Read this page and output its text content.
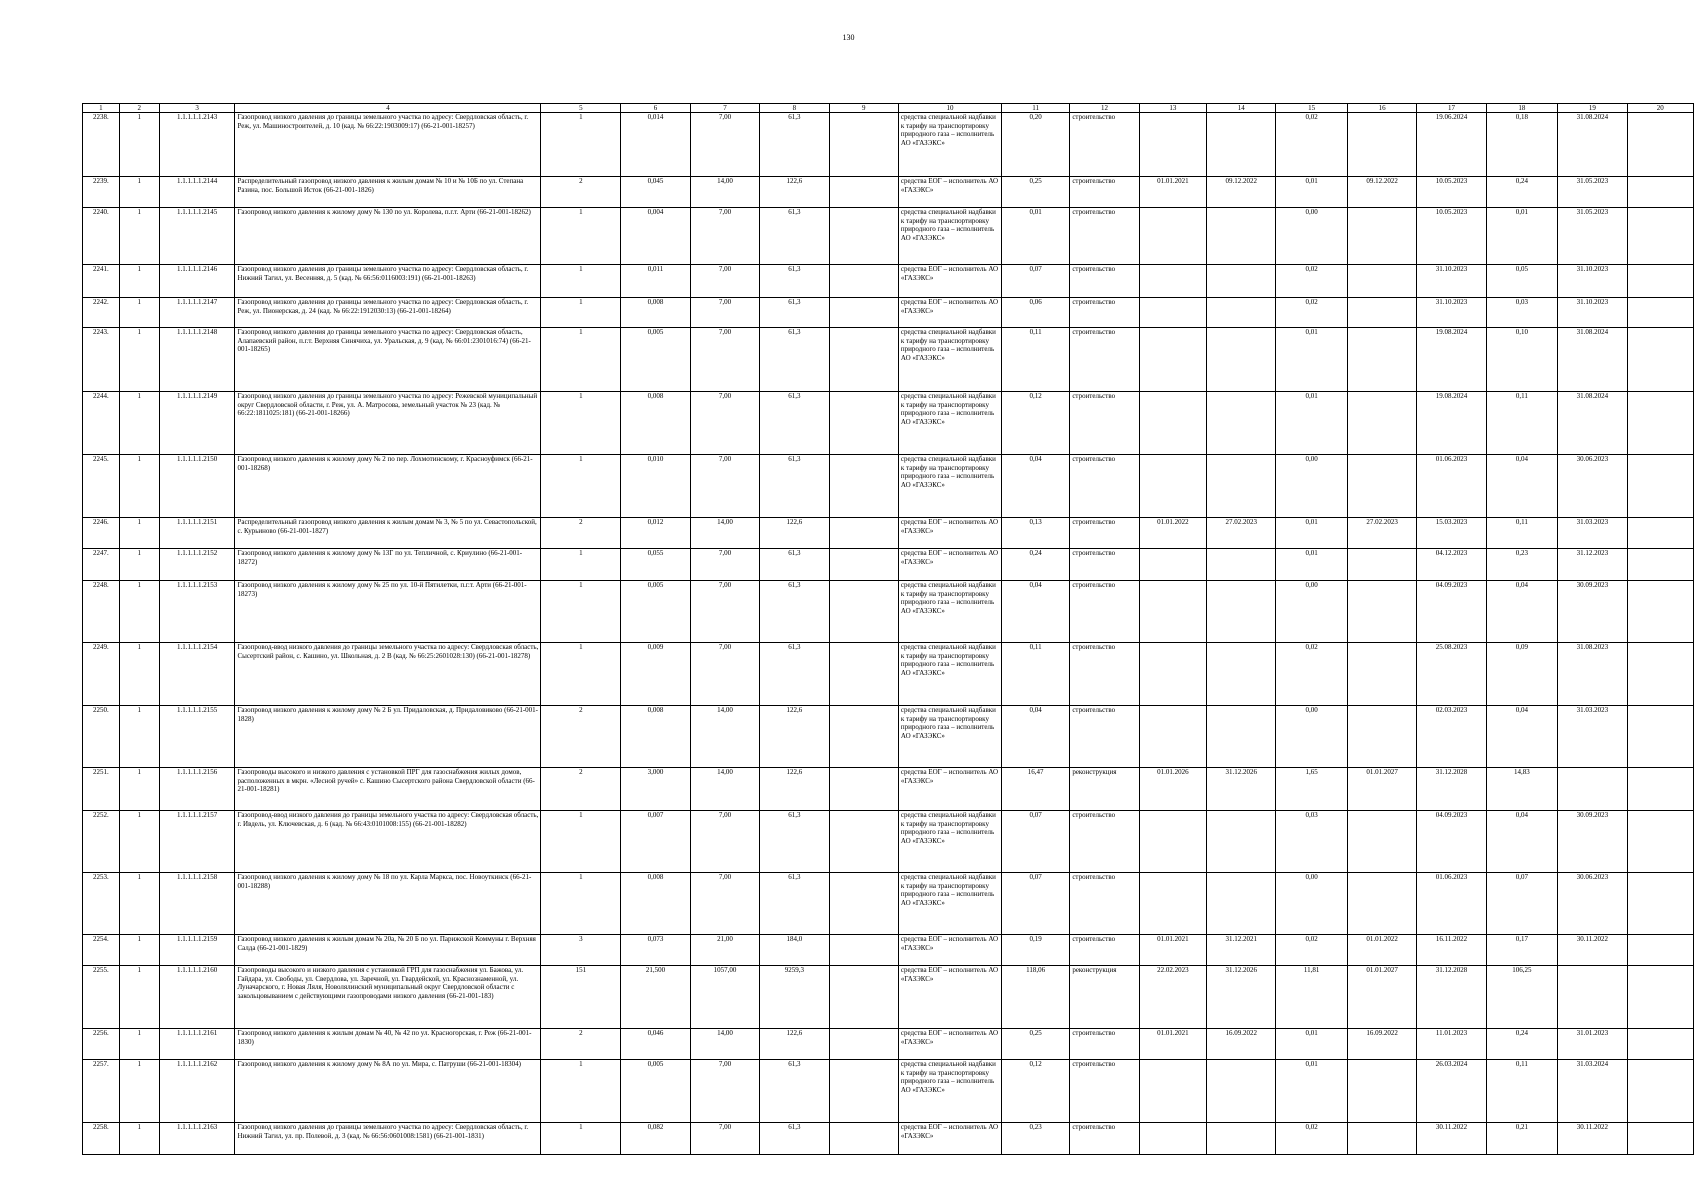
130
1	2	3	4	5	6	7	8	9	10	11	12	13	14	15	16	17	18	19	20
2238.	1	1.1.1.1.1.2143	Газопровод низкого давления до границы земельного участка по адресу: Свердловская область, г. Реж, ул. Машиностроителей, д. 10 (кад. № 66:22:1903009:17) (66-21-001-18257)	1	0,014	7,00	61,3		средства специальной надбавки к тарифу на транспортировку природного газа – исполнитель АО «ГАЗЭКС»	0,20	строительство			0,02		19.06.2024	0,18	31.08.2024	
2239.	1	1.1.1.1.1.2144	Распределительный газопровод низкого давления к жилым домам № 10 и № 10Б по ул. Степана Разина, пос. Большой Исток (66-21-001-1826)	2	0,045	14,00	122,6		средства ЕОГ – исполнитель АО «ГАЗЭКС»	0,25	строительство	01.01.2021	09.12.2022	0,01	09.12.2022	10.05.2023	0,24	31.05.2023	
2240.	1	1.1.1.1.1.2145	Газопровод низкого давления к жилому дому № 130 по ул. Королева, п.г.т. Арти (66-21-001-18262)	1	0,004	7,00	61,3		средства специальной надбавки к тарифу на транспортировку природного газа – исполнитель АО «ГАЗЭКС»	0,01	строительство			0,00		10.05.2023	0,01	31.05.2023	
2241.	1	1.1.1.1.1.2146	Газопровод низкого давления до границы земельного участка по адресу: Свердловская область, г. Нижний Тагил, ул. Весенняя, д. 5 (кад. № 66:56:0116003:191) (66-21-001-18263)	1	0,011	7,00	61,3		средства ЕОГ – исполнитель АО «ГАЗЭКС»	0,07	строительство			0,02		31.10.2023	0,05	31.10.2023	
2242.	1	1.1.1.1.1.2147	Газопровод низкого давления до границы земельного участка по адресу: Свердловская область, г. Реж, ул. Пионерская, д. 24 (кад. № 66:22:1912030:13) (66-21-001-18264)	1	0,008	7,00	61,3		средства ЕОГ – исполнитель АО «ГАЗЭКС»	0,06	строительство			0,02		31.10.2023	0,03	31.10.2023	
2243.	1	1.1.1.1.1.2148	Газопровод низкого давления до границы земельного участка по адресу: Свердловская область, Алапаевский район, п.г.т. Верхняя Синячиха, ул. Уральская, д. 9 (кад. № 66:01:2301016:74) (66-21-001-18265)	1	0,005	7,00	61,3		средства специальной надбавки к тарифу на транспортировку природного газа – исполнитель АО «ГАЗЭКС»	0,11	строительство			0,01		19.08.2024	0,10	31.08.2024	
2244.	1	1.1.1.1.1.2149	Газопровод низкого давления до границы земельного участка по адресу: Режевской муниципальный округ Свердловской области, г. Реж, ул. А. Матросова, земельный участок № 23 (кад. № 66:22:1811025:181) (66-21-001-18266)	1	0,008	7,00	61,3		средства специальной надбавки к тарифу на транспортировку природного газа – исполнитель АО «ГАЗЭКС»	0,12	строительство			0,01		19.08.2024	0,11	31.08.2024	
2245.	1	1.1.1.1.1.2150	Газопровод низкого давления к жилому дому № 2 по пер. Лохмотинскому, г. Красноуфимск (66-21-001-18268)	1	0,010	7,00	61,3		средства специальной надбавки к тарифу на транспортировку природного газа – исполнитель АО «ГАЗЭКС»	0,04	строительство			0,00		01.06.2023	0,04	30.06.2023	
2246.	1	1.1.1.1.1.2151	Распределительный газопровод низкого давления к жилым домам № 3, № 5 по ул. Севастопольской, с. Курьиново (66-21-001-1827)	2	0,012	14,00	122,6		средства ЕОГ – исполнитель АО «ГАЗЭКС»	0,13	строительство	01.01.2022	27.02.2023	0,01	27.02.2023	15.03.2023	0,11	31.03.2023	
2247.	1	1.1.1.1.1.2152	Газопровод низкого давления к жилому дому № 13Г по ул. Тепличной, с. Криулино (66-21-001-18272)	1	0,055	7,00	61,3		средства ЕОГ – исполнитель АО «ГАЗЭКС»	0,24	строительство			0,01		04.12.2023	0,23	31.12.2023	
2248.	1	1.1.1.1.1.2153	Газопровод низкого давления к жилому дому № 25 по ул. 10-й Пятилетки, п.г.т. Арти (66-21-001-18273)	1	0,005	7,00	61,3		средства специальной надбавки к тарифу на транспортировку природного газа – исполнитель АО «ГАЗЭКС»	0,04	строительство			0,00		04.09.2023	0,04	30.09.2023	
2249.	1	1.1.1.1.1.2154	Газопровод-ввод низкого давления до границы земельного участка по адресу: Свердловская область, Сысертский район, с. Кашино, ул. Школьная, д. 2 В (кад. № 66:25:2601028:130) (66-21-001-18278)	1	0,009	7,00	61,3		средства специальной надбавки к тарифу на транспортировку природного газа – исполнитель АО «ГАЗЭКС»	0,11	строительство			0,02		25.08.2023	0,09	31.08.2023	
2250.	1	1.1.1.1.1.2155	Газопровод низкого давления к жилому дому № 2 Б ул. Придаловская, д. Придаловиково (66-21-001-1828)	2	0,008	14,00	122,6		средства специальной надбавки к тарифу на транспортировку природного газа – исполнитель АО «ГАЗЭКС»	0,04	строительство			0,00		02.03.2023	0,04	31.03.2023	
2251.	1	1.1.1.1.1.2156	Газопроводы высокого и низкого давления с установкой ПРГ для газоснабжения жилых домов, расположенных в мкрн. «Лесной ручей» с. Кашино Сысертского района Свердловской области (66-21-001-18281)	2	3,000	14,00	122,6		средства ЕОГ – исполнитель АО «ГАЗЭКС»	16,47	реконструкция	01.01.2026	31.12.2026	1,65	01.01.2027	31.12.2028	14,83		
2252.	1	1.1.1.1.1.2157	Газопровод-ввод низкого давления до границы земельного участка по адресу: Свердловская область, г. Ивдель, ул. Ключевская, д. 6 (кад. № 66:43:0101008:155) (66-21-001-18282)	1	0,007	7,00	61,3		средства специальной надбавки к тарифу на транспортировку природного газа – исполнитель АО «ГАЗЭКС»	0,07	строительство			0,03		04.09.2023	0,04	30.09.2023	
2253.	1	1.1.1.1.1.2158	Газопровод низкого давления к жилому дому № 18 по ул. Карла Маркса, пос. Новоуткинск (66-21-001-18288)	1	0,008	7,00	61,3		средства специальной надбавки к тарифу на транспортировку природного газа – исполнитель АО «ГАЗЭКС»	0,07	строительство			0,00		01.06.2023	0,07	30.06.2023	
2254.	1	1.1.1.1.1.2159	Газопровод низкого давления к жилым домам № 20а, № 20 Б по ул. Парижской Коммуны г. Верхняя Салда (66-21-001-1829)	3	0,073	21,00	184,0		средства ЕОГ – исполнитель АО «ГАЗЭКС»	0,19	строительство	01.01.2021	31.12.2021	0,02	01.01.2022	16.11.2022	0,17	30.11.2022	
2255.	1	1.1.1.1.1.2160	Газопроводы высокого и низкого давления с установкой ГРП для газоснабжения ул. Бажова, ул. Гайдара, ул. Свободы, ул. Свердлова, ул. Заречной, ул. Гвардейской, ул. Краснознаменной, ул. Луначарского, г. Новая Ляля, Новолялинский муниципальный округ Свердловской области с закольцовыванием с действующими газопроводами низкого давления (66-21-001-183)	151	21,500	1057,00	9259,3		средства ЕОГ – исполнитель АО «ГАЗЭКС»	118,06	реконструкция	22.02.2023	31.12.2026	11,81	01.01.2027	31.12.2028	106,25		
2256.	1	1.1.1.1.1.2161	Газопровод низкого давления к жилым домам № 40, № 42 по ул. Красногорская, г. Реж (66-21-001-1830)	2	0,046	14,00	122,6		средства ЕОГ – исполнитель АО «ГАЗЭКС»	0,25	строительство	01.01.2021	16.09.2022	0,01	16.09.2022	11.01.2023	0,24	31.01.2023	
2257.	1	1.1.1.1.1.2162	Газопровод низкого давления к жилому дому № 8А по ул. Мира, с. Патруши (66-21-001-18304)	1	0,005	7,00	61,3		средства специальной надбавки к тарифу на транспортировку природного газа – исполнитель АО «ГАЗЭКС»	0,12	строительство			0,01		26.03.2024	0,11	31.03.2024	
2258.	1	1.1.1.1.1.2163	Газопровод низкого давления до границы земельного участка по адресу: Свердловская область, г. Нижний Тагил, ул. пр. Полевой, д. 3 (кад. № 66:56:0601008:1581) (66-21-001-1831)	1	0,082	7,00	61,3		средства ЕОГ – исполнитель АО «ГАЗЭКС»	0,23	строительство			0,02		30.11.2022	0,21	30.11.2022	
